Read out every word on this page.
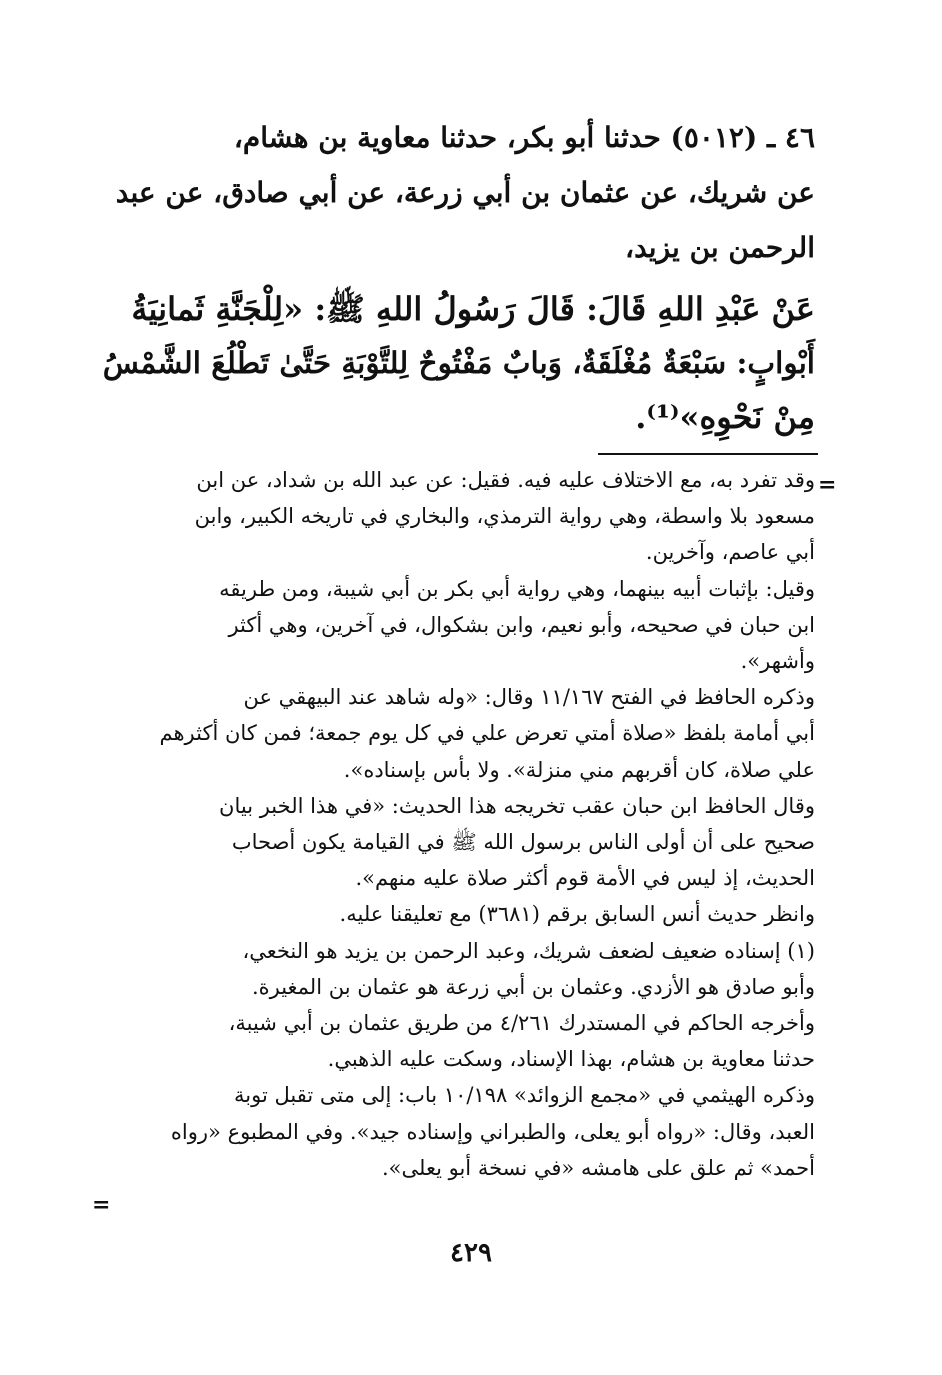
٤٦ ـ (٥٠١٢) حدثنا أبو بكر، حدثنا معاوية بن هشام،

عن شريك، عن عثمان بن أبي زرعة، عن أبي صادق، عن عبد

الرحمن بن يزيد،

عَنْ عَبْدِ اللهِ قَالَ: قَالَ رَسُولُ اللهِ ﷺ: «لِلْجَنَّةِ ثَمانِيَةُ

أَبْوابٍ: سَبْعَةٌ مُغْلَقَةٌ، وَبابٌ مَفْتُوحٌ لِلتَّوْبَةِ حَتَّىٰ تَطْلُعَ الشَّمْسُ

مِنْ نَحْوِهِ»⁽¹⁾.

=
=

وقد تفرد به، مع الاختلاف عليه فيه. فقيل: عن عبد الله بن شداد، عن ابن

مسعود بلا واسطة، وهي رواية الترمذي، والبخاري في تاريخه الكبير، وابن

أبي عاصم، وآخرين.

وقيل: بإثبات أبيه بينهما، وهي رواية أبي بكر بن أبي شيبة، ومن طريقه

ابن حبان في صحيحه، وأبو نعيم، وابن بشكوال، في آخرين، وهي أكثر

وأشهر».

وذكره الحافظ في الفتح ١١/١٦٧ وقال: «وله شاهد عند البيهقي عن

أبي أمامة بلفظ «صلاة أمتي تعرض علي في كل يوم جمعة؛ فمن كان أكثرهم

علي صلاة، كان أقربهم مني منزلة». ولا بأس بإسناده».

وقال الحافظ ابن حبان عقب تخريجه هذا الحديث: «في هذا الخبر بيان

صحيح على أن أولى الناس برسول الله ﷺ في القيامة يكون أصحاب

الحديث، إذ ليس في الأمة قوم أكثر صلاة عليه منهم».

وانظر حديث أنس السابق برقم (٣٦٨١) مع تعليقنا عليه.

(١) إسناده ضعيف لضعف شريك، وعبد الرحمن بن يزيد هو النخعي،

وأبو صادق هو الأزدي. وعثمان بن أبي زرعة هو عثمان بن المغيرة.

وأخرجه الحاكم في المستدرك ٤/٢٦١ من طريق عثمان بن أبي شيبة،

حدثنا معاوية بن هشام، بهذا الإسناد، وسكت عليه الذهبي.

وذكره الهيثمي في «مجمع الزوائد» ١٠/١٩٨ باب: إلى متى تقبل توبة

العبد، وقال: «رواه أبو يعلى، والطبراني وإسناده جيد». وفي المطبوع «رواه

أحمد» ثم علق على هامشه «في نسخة أبو يعلى».

٤٢٩
